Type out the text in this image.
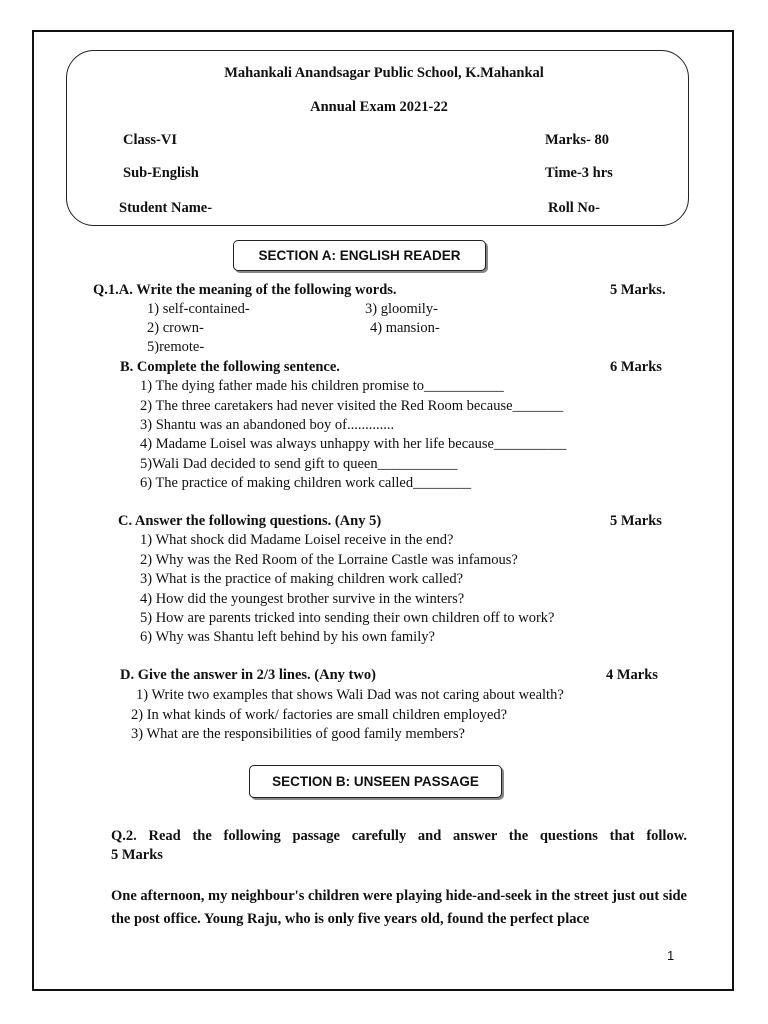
Mahankali Anandsagar Public School, K.Mahankal
Annual Exam 2021-22
Class-VI	Marks- 80
Sub-English	Time-3 hrs
Student Name-	Roll No-
SECTION A: ENGLISH READER
Q.1.A. Write the meaning of the following words.	5 Marks.
1) self-contained-	3) gloomily-
2) crown-	4) mansion-
5)remote-
B. Complete the following sentence.	6 Marks
1) The dying father made his children promise to___________
2) The three caretakers had never visited the Red Room because_______
3) Shantu was an abandoned boy of.............
4) Madame Loisel was always unhappy with her life because__________
5)Wali Dad decided to send gift to queen___________
6) The practice of making children work called________
C. Answer the following questions. (Any 5)	5 Marks
1) What shock did Madame Loisel receive in the end?
2) Why was the Red Room of the Lorraine Castle was infamous?
3) What is the practice of making children work called?
4) How did the youngest brother survive in the winters?
5) How are parents tricked into sending their own children off to work?
6) Why was Shantu left behind by his own family?
D. Give the answer in 2/3 lines. (Any two)	4 Marks
1) Write two examples that shows Wali Dad was not caring about wealth?
2) In what kinds of work/ factories are small children employed?
3) What are the responsibilities of good family members?
SECTION B: UNSEEN PASSAGE
Q.2. Read the following passage carefully and answer the questions that follow.
5 Marks
One afternoon, my neighbour's children were playing hide-and-seek in the street just out side the post office. Young Raju, who is only five years old, found the perfect place
1
